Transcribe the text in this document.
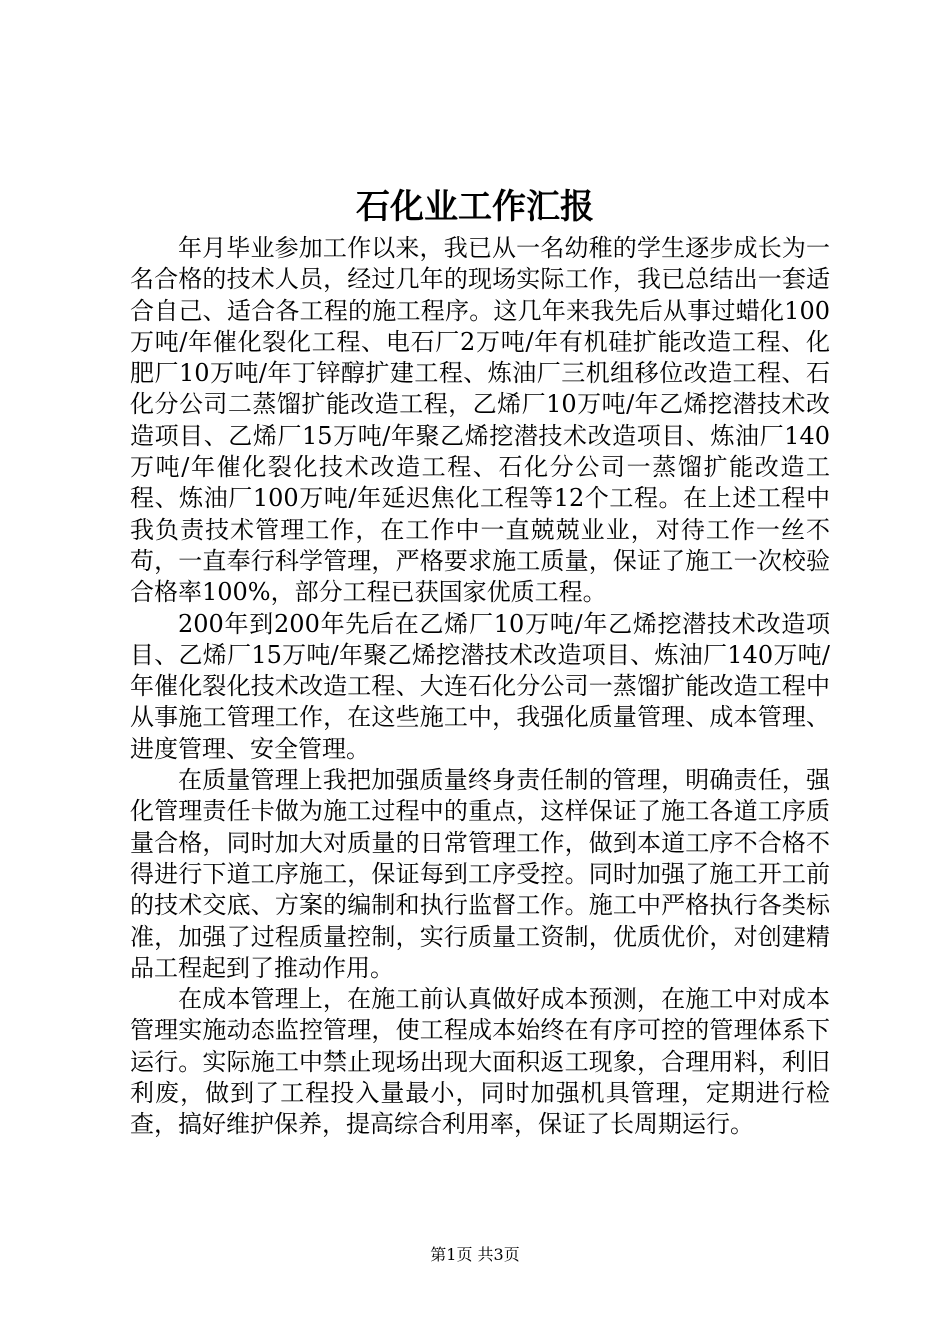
石化业工作汇报

年月毕业参加工作以来，我已从一名幼稚的学生逐步成长为一名合格的技术人员，经过几年的现场实际工作，我已总结出一套适合自己、适合各工程的施工程序。这几年来我先后从事过蜡化100万吨/年催化裂化工程、电石厂2万吨/年有机硅扩能改造工程、化肥厂10万吨/年丁锌醇扩建工程、炼油厂三机组移位改造工程、石化分公司二蒸馏扩能改造工程，乙烯厂10万吨/年乙烯挖潜技术改造项目、乙烯厂15万吨/年聚乙烯挖潜技术改造项目、炼油厂140万吨/年催化裂化技术改造工程、石化分公司一蒸馏扩能改造工程、炼油厂100万吨/年延迟焦化工程等12个工程。在上述工程中我负责技术管理工作，在工作中一直兢兢业业，对待工作一丝不苟，一直奉行科学管理，严格要求施工质量，保证了施工一次校验合格率100%，部分工程已获国家优质工程。

200年到200年先后在乙烯厂10万吨/年乙烯挖潜技术改造项目、乙烯厂15万吨/年聚乙烯挖潜技术改造项目、炼油厂140万吨/年催化裂化技术改造工程、大连石化分公司一蒸馏扩能改造工程中从事施工管理工作，在这些施工中，我强化质量管理、成本管理、进度管理、安全管理。

在质量管理上我把加强质量终身责任制的管理，明确责任，强化管理责任卡做为施工过程中的重点，这样保证了施工各道工序质量合格，同时加大对质量的日常管理工作，做到本道工序不合格不得进行下道工序施工，保证每到工序受控。同时加强了施工开工前的技术交底、方案的编制和执行监督工作。施工中严格执行各类标准，加强了过程质量控制，实行质量工资制，优质优价，对创建精品工程起到了推动作用。

在成本管理上，在施工前认真做好成本预测，在施工中对成本管理实施动态监控管理，使工程成本始终在有序可控的管理体系下运行。实际施工中禁止现场出现大面积返工现象，合理用料，利旧利废，做到了工程投入量最小，同时加强机具管理，定期进行检查，搞好维护保养，提高综合利用率，保证了长周期运行。

第1页 共3页
